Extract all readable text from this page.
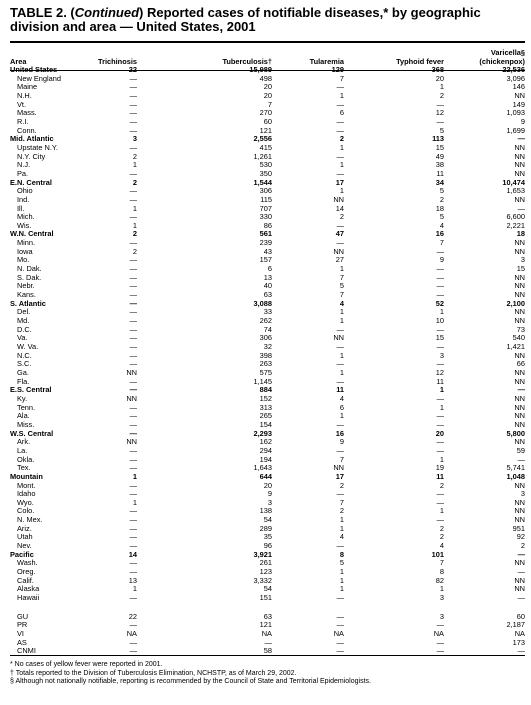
TABLE 2. (Continued) Reported cases of notifiable diseases,* by geographic division and area — United States, 2001
Area	Trichinosis	Tuberculosis†	Tularemia	Typhoid fever	Varicella§
(chickenpox)
United States	22	15,989	129	368	22,536
New England	—	498	7	20	3,096
Maine	—	20	—	1	146
N.H.	—	20	1	2	NN
Vt.	—	7	—	—	149
Mass.	—	270	6	12	1,093
R.I.	—	60	—	—	9
Conn.	—	121	—	5	1,699
Mid. Atlantic	3	2,556	2	113	—
Upstate N.Y.	—	415	1	15	NN
N.Y. City	2	1,261	—	49	NN
N.J.	1	530	1	38	NN
Pa.	—	350	—	11	NN
E.N. Central	2	1,544	17	34	10,474
Ohio	—	306	1	5	1,653
Ind.	—	115	NN	2	NN
Ill.	1	707	14	18	—
Mich.	—	330	2	5	6,600
Wis.	1	86	—	4	2,221
W.N. Central	2	561	47	16	18
Minn.	—	239	—	7	NN
Iowa	2	43	NN	—	NN
Mo.	—	157	27	9	3
N. Dak.	—	6	1	—	15
S. Dak.	—	13	7	—	NN
Nebr.	—	40	5	—	NN
Kans.	—	63	7	—	NN
S. Atlantic	—	3,088	4	52	2,100
Del.	—	33	1	1	NN
Md.	—	262	1	10	NN
D.C.	—	74	—	—	73
Va.	—	306	NN	15	540
W. Va.	—	32	—	—	1,421
N.C.	—	398	1	3	NN
S.C.	—	263	—	—	66
Ga.	NN	575	1	12	NN
Fla.	—	1,145	—	11	NN
E.S. Central	—	884	11	1	—
Ky.	NN	152	4	—	NN
Tenn.	—	313	6	1	NN
Ala.	—	265	1	—	NN
Miss.	—	154	—	—	NN
W.S. Central	—	2,293	16	20	5,800
Ark.	NN	162	9	—	NN
La.	—	294	—	—	59
Okla.	—	194	7	1	—
Tex.	—	1,643	NN	19	5,741
Mountain	1	644	17	11	1,048
Mont.	—	20	2	2	NN
Idaho	—	9	—	—	3
Wyo.	1	3	7	—	NN
Colo.	—	138	2	1	NN
N. Mex.	—	54	1	—	NN
Ariz.	—	289	1	2	951
Utah	—	35	4	2	92
Nev.	—	96	—	4	2
Pacific	14	3,921	8	101	—
Wash.	—	261	5	7	NN
Oreg.	—	123	1	8	—
Calif.	13	3,332	1	82	NN
Alaska	1	54	1	1	NN
Hawaii	—	151	—	3	—

GU	22	63	—	3	60
PR	—	121	—	—	2,187
VI	NA	NA	NA	NA	NA
AS	—	—	—	—	173
CNMI	—	58	—	—	—
* No cases of yellow fever were reported in 2001.
† Totals reported to the Division of Tuberculosis Elimination, NCHSTP, as of March 29, 2002.
§ Although not nationally notifiable, reporting is recommended by the Council of State and Territorial Epidemiologists.
